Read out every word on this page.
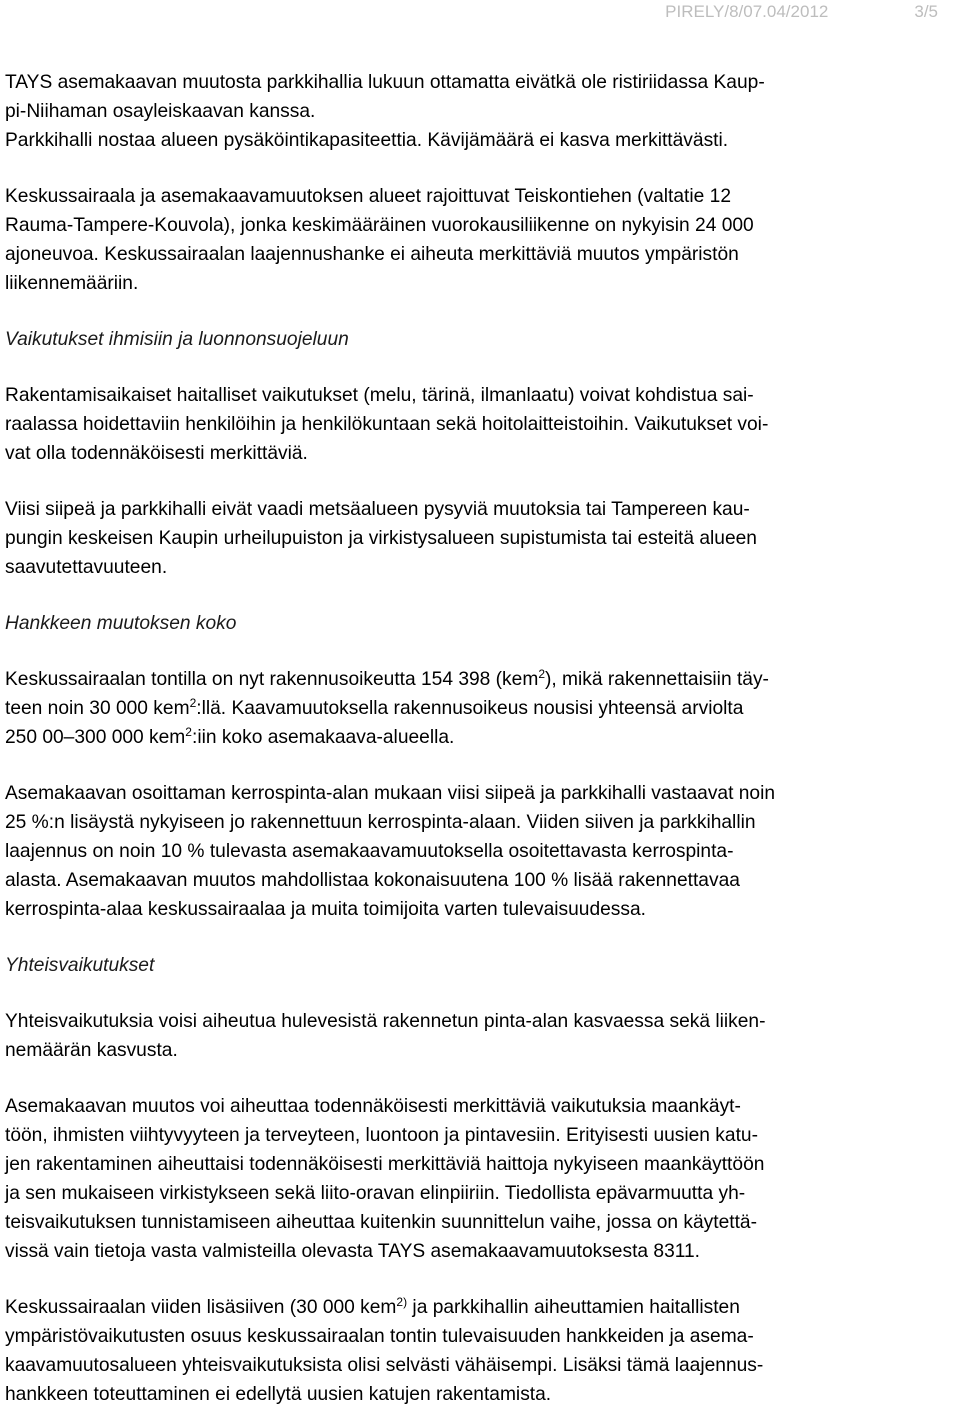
PIRELY/8/07.04/2012	3/5

TAYS asemakaavan muutosta parkkihallia lukuun ottamatta eivätkä ole ristiriidassa Kaup-
pi-Niihaman osayleiskaavan kanssa.
Parkkihalli nostaa alueen pysäköintikapasiteettia. Kävijämäärä ei kasva merkittävästi.

Keskussairaala ja asemakaavamuutoksen alueet rajoittuvat Teiskontiehen (valtatie 12
Rauma-Tampere-Kouvola), jonka keskimääräinen vuorokausiliikenne on nykyisin 24 000
ajoneuvoa. Keskussairaalan laajennushanke ei aiheuta merkittäviä muutos ympäristön
liikennemääriin.

Vaikutukset ihmisiin ja luonnonsuojeluun

Rakentamisaikaiset haitalliset vaikutukset (melu, tärinä, ilmanlaatu) voivat kohdistua sai-
raalassa hoidettaviin henkilöihin ja henkilökuntaan sekä hoitolaitteistoihin. Vaikutukset voi-
vat olla todennäköisesti merkittäviä.

Viisi siipeä ja parkkihalli eivät vaadi metsäalueen pysyviä muutoksia tai Tampereen kau-
pungin keskeisen Kaupin urheilupuiston ja virkistysalueen supistumista tai esteitä alueen
saavutettavuuteen.

Hankkeen muutoksen koko

Keskussairaalan tontilla on nyt rakennusoikeutta 154 398 (kem$^2$), mikä rakennettaisiin täy-
teen noin 30 000 kem$^2$:llä. Kaavamuutoksella rakennusoikeus nousisi yhteensä arviolta
250 00–300 000 kem$^2$:iin koko asemakaava-alueella.

Asemakaavan osoittaman kerrospinta-alan mukaan viisi siipeä ja parkkihalli vastaavat noin
25 %:n lisäystä nykyiseen jo rakennettuun kerrospinta-alaan. Viiden siiven ja parkkihallin
laajennus on noin 10 % tulevasta asemakaavamuutoksella osoitettavasta kerrospinta-
alasta. Asemakaavan muutos mahdollistaa kokonaisuutena 100 % lisää rakennettavaa
kerrospinta-alaa keskussairaalaa ja muita toimijoita varten tulevaisuudessa.

Yhteisvaikutukset

Yhteisvaikutuksia voisi aiheutua hulevesistä rakennetun pinta-alan kasvaessa sekä liiken-
nemäärän kasvusta.

Asemakaavan muutos voi aiheuttaa todennäköisesti merkittäviä vaikutuksia maankäyt-
töön, ihmisten viihtyvyyteen ja terveyteen, luontoon ja pintavesiin. Erityisesti uusien katu-
jen rakentaminen aiheuttaisi todennäköisesti merkittäviä haittoja nykyiseen maankäyttöön
ja sen mukaiseen virkistykseen sekä liito-oravan elinpiiriin. Tiedollista epävarmuutta yh-
teisvaikutuksen tunnistamiseen aiheuttaa kuitenkin suunnittelun vaihe, jossa on käytettä-
vissä vain tietoja vasta valmisteilla olevasta TAYS asemakaavamuutoksesta 8311.

Keskussairaalan viiden lisäsiiven (30 000 kem$^{2)}$ ja parkkihallin aiheuttamien haitallisten
ympäristövaikutusten osuus keskussairaalan tontin tulevaisuuden hankkeiden ja asema-
kaavamuutosalueen yhteisvaikutuksista olisi selvästi vähäisempi. Lisäksi tämä laajennus-
hankkeen toteuttaminen ei edellytä uusien katujen rakentamista.
